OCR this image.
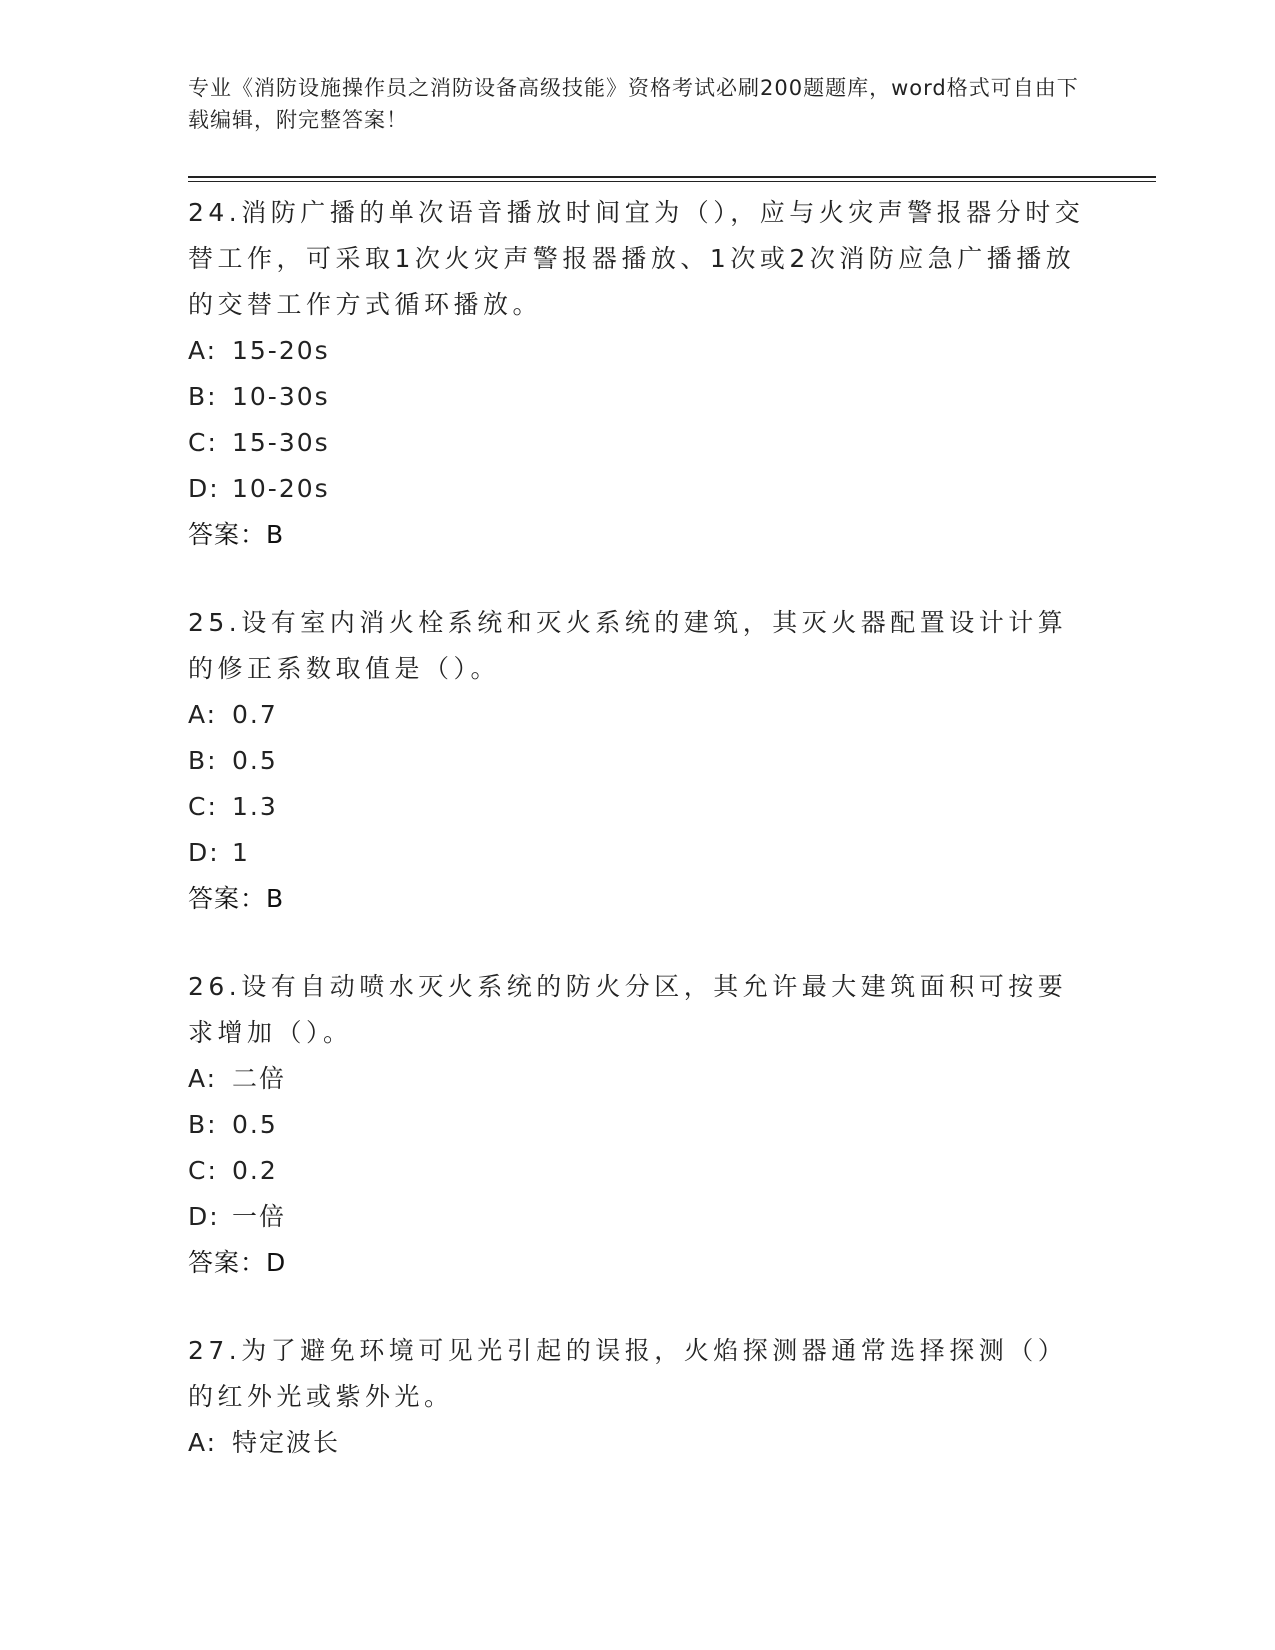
专业《消防设施操作员之消防设备高级技能》资格考试必刷200题题库，word格式可自由下载编辑，附完整答案！

24.消防广播的单次语音播放时间宜为（），应与火灾声警报器分时交替工作，可采取1次火灾声警报器播放、1次或2次消防应急广播播放的交替工作方式循环播放。

A: 15-20s

B: 10-30s

C: 15-30s

D: 10-20s

答案：B

25.设有室内消火栓系统和灭火系统的建筑，其灭火器配置设计计算的修正系数取值是（）。

A: 0.7

B: 0.5

C: 1.3

D: 1

答案：B

26.设有自动喷水灭火系统的防火分区，其允许最大建筑面积可按要求增加（）。

A: 二倍

B: 0.5

C: 0.2

D: 一倍

答案：D

27.为了避免环境可见光引起的误报，火焰探测器通常选择探测（）的红外光或紫外光。

A: 特定波长
